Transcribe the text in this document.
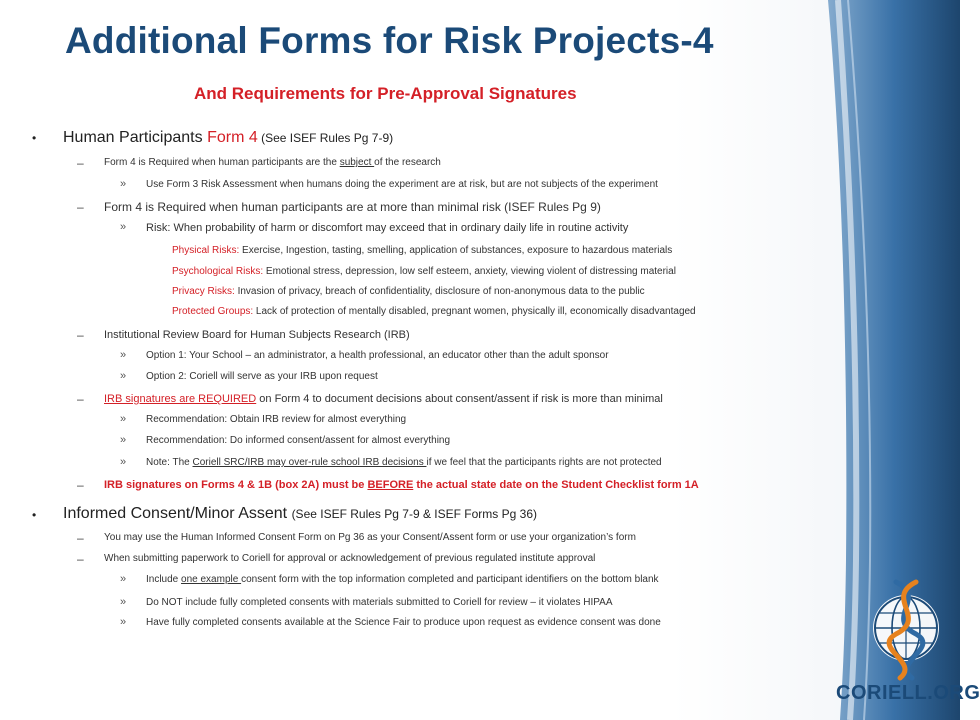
Additional Forms for Risk Projects-4
And Requirements for Pre-Approval Signatures
• Human Participants Form 4 (See ISEF Rules Pg 7-9)
– Form 4 is Required when human participants are the subject of the research
» Use Form 3 Risk Assessment when humans doing the experiment are at risk, but are not subjects of the experiment
– Form 4 is Required when human participants are at more than minimal risk (ISEF Rules Pg 9)
» Risk: When probability of harm or discomfort may exceed that in ordinary daily life in routine activity
Physical Risks: Exercise, Ingestion, tasting, smelling, application of substances, exposure to hazardous materials
Psychological Risks: Emotional stress, depression, low self esteem, anxiety, viewing violent of distressing material
Privacy Risks: Invasion of privacy, breach of confidentiality, disclosure of non-anonymous data to the public
Protected Groups: Lack of protection of mentally disabled, pregnant women, physically ill, economically disadvantaged
– Institutional Review Board for Human Subjects Research (IRB)
» Option 1: Your School – an administrator, a health professional, an educator other than the adult sponsor
» Option 2: Coriell will serve as your IRB upon request
– IRB signatures are REQUIRED on Form 4 to document decisions about consent/assent if risk is more than minimal
» Recommendation: Obtain IRB review for almost everything
» Recommendation: Do informed consent/assent for almost everything
» Note: The Coriell SRC/IRB may over-rule school IRB decisions if we feel that the participants rights are not protected
– IRB signatures on Forms 4 & 1B (box 2A) must be BEFORE the actual state date on the Student Checklist form 1A
• Informed Consent/Minor Assent (See ISEF Rules Pg 7-9 & ISEF Forms Pg 36)
– You may use the Human Informed Consent Form on Pg 36 as your Consent/Assent form or use your organization’s form
– When submitting paperwork to Coriell for approval or acknowledgement of previous regulated institute approval
» Include one example consent form with the top information completed and participant identifiers on the bottom blank
» Do NOT include fully completed consents with materials submitted to Coriell for review – it violates HIPAA
» Have fully completed consents available at the Science Fair to produce upon request as evidence consent was done
CORIELL.ORG
